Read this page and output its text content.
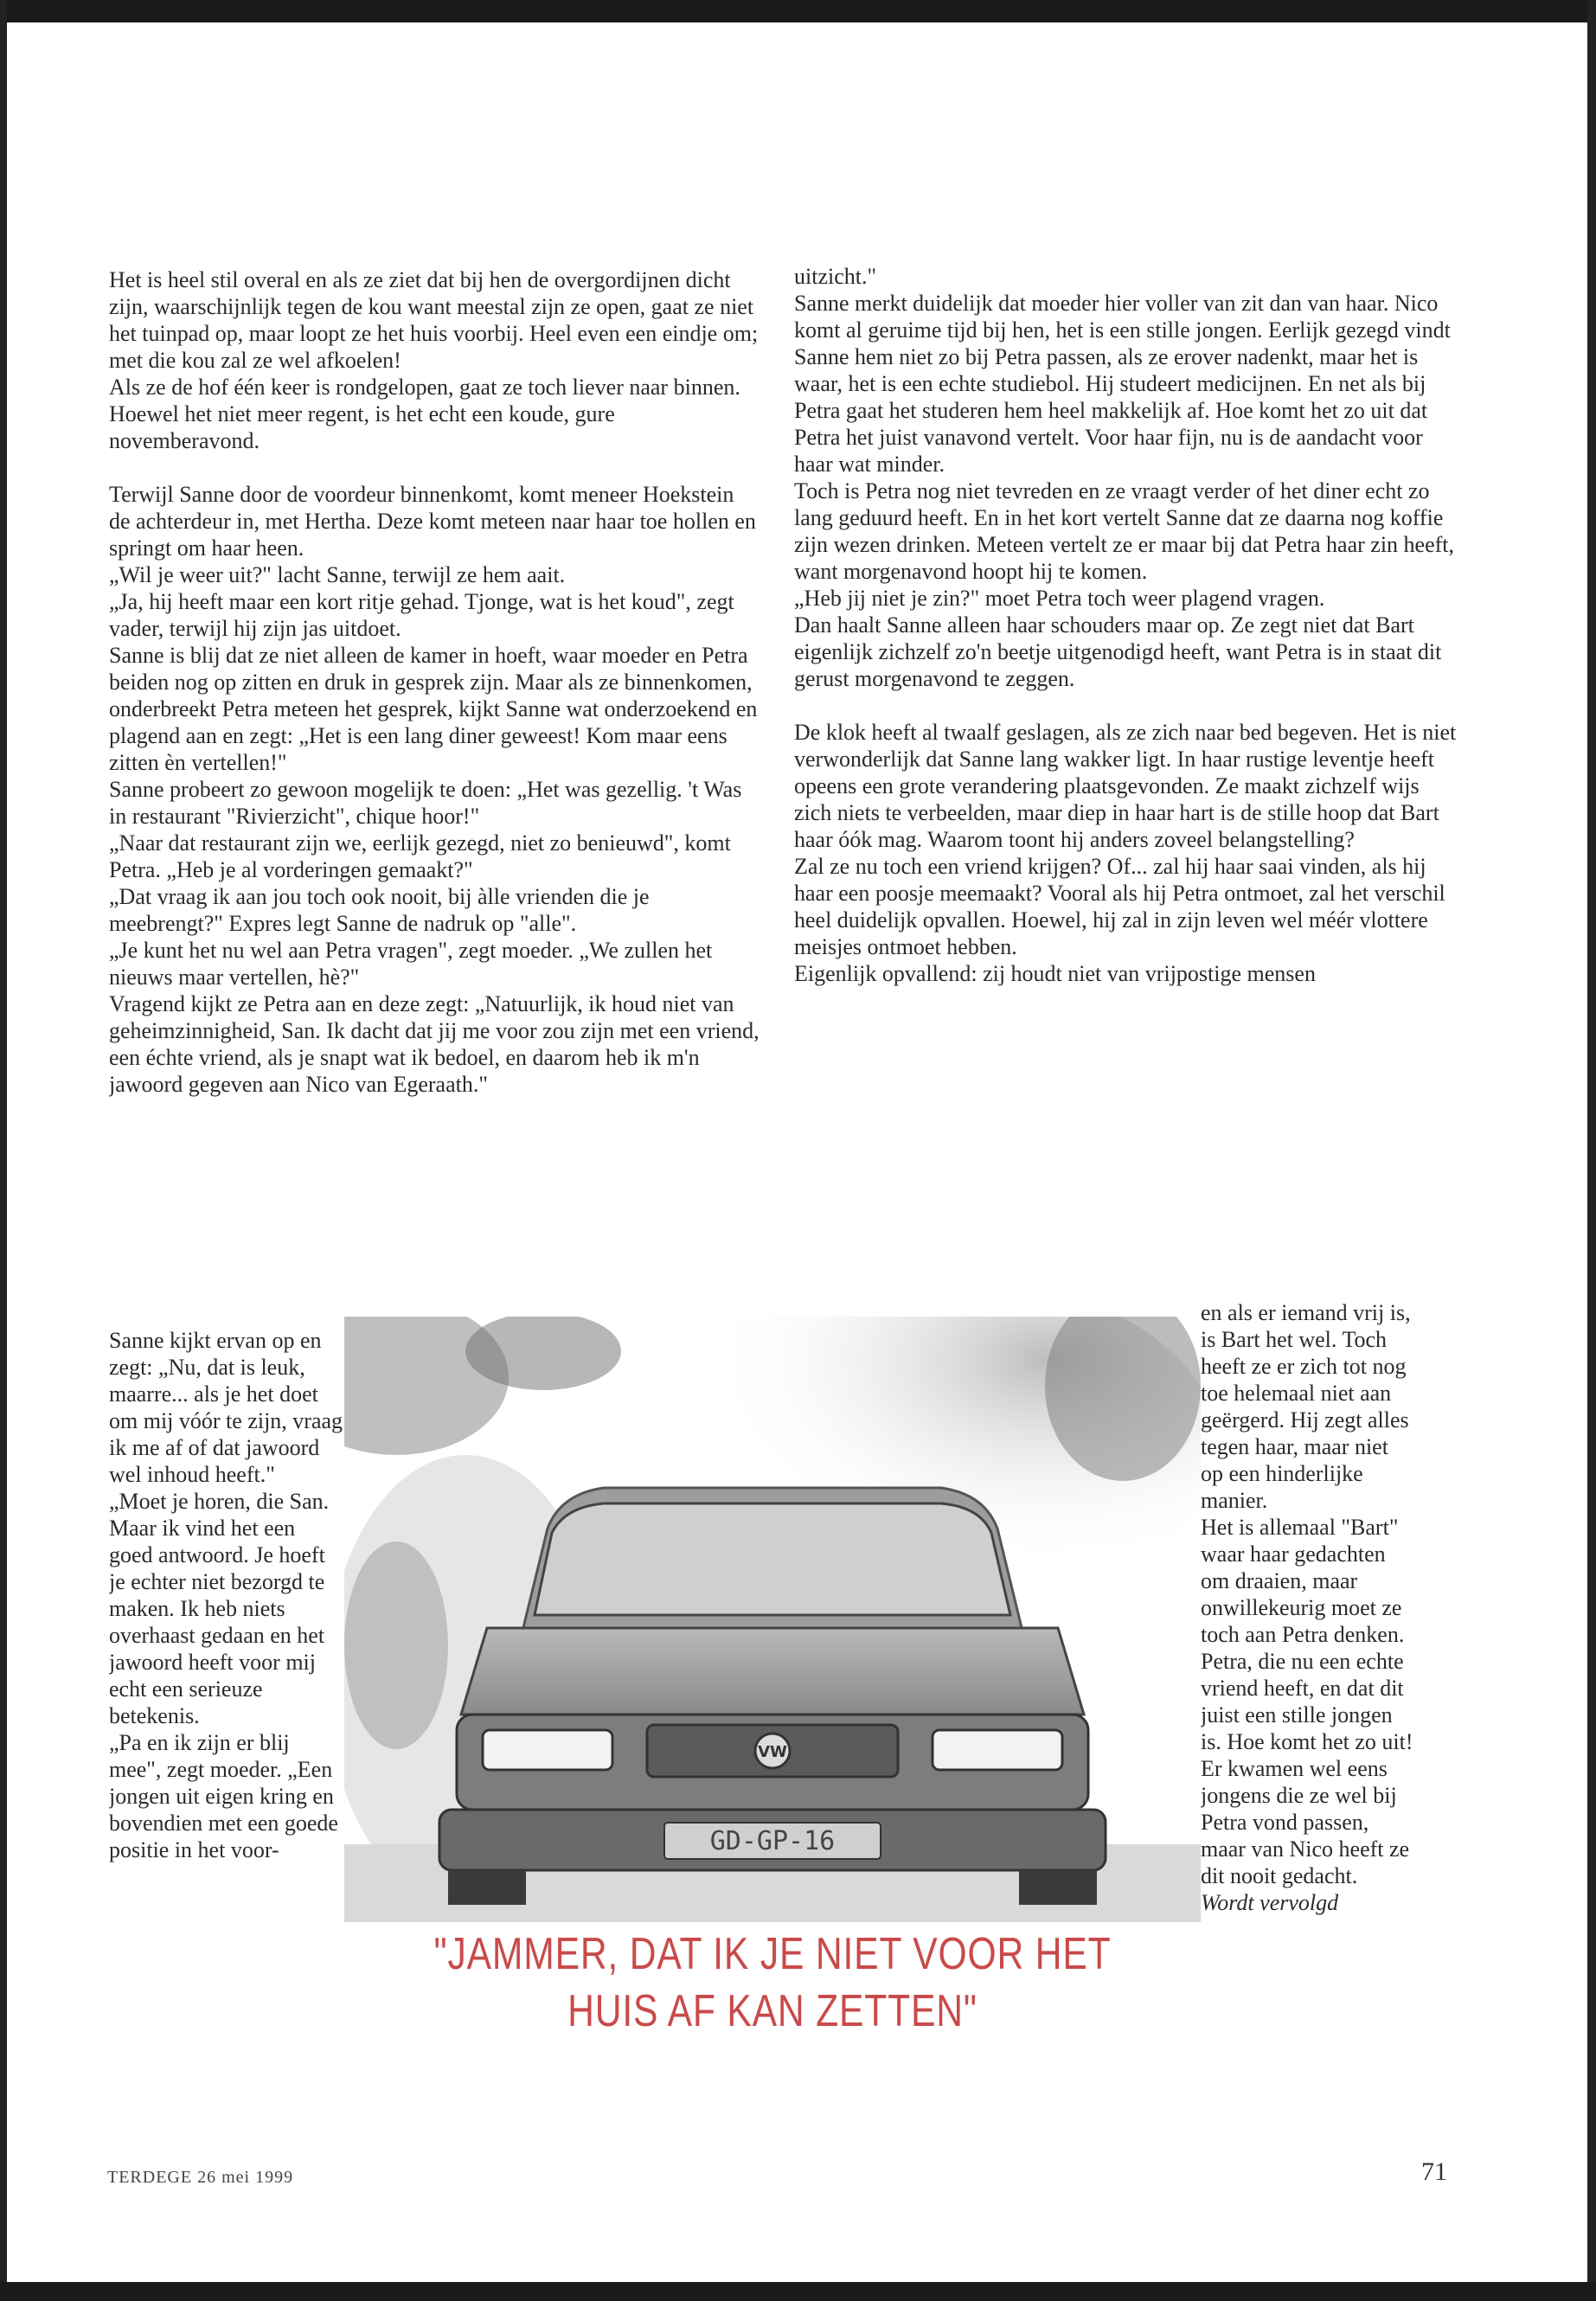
Het is heel stil overal en als ze ziet dat bij hen de overgordijnen dicht zijn, waarschijnlijk tegen de kou want meestal zijn ze open, gaat ze niet het tuinpad op, maar loopt ze het huis voorbij. Heel even een eindje om; met die kou zal ze wel afkoelen!

Als ze de hof één keer is rondgelopen, gaat ze toch liever naar binnen. Hoewel het niet meer regent, is het echt een koude, gure novemberavond.

Terwijl Sanne door de voordeur binnenkomt, komt meneer Hoekstein de achterdeur in, met Hertha. Deze komt meteen naar haar toe hollen en springt om haar heen.

„Wil je weer uit?" lacht Sanne, terwijl ze hem aait.

„Ja, hij heeft maar een kort ritje gehad. Tjonge, wat is het koud", zegt vader, terwijl hij zijn jas uitdoet.

Sanne is blij dat ze niet alleen de kamer in hoeft, waar moeder en Petra beiden nog op zitten en druk in gesprek zijn. Maar als ze binnenkomen, onderbreekt Petra meteen het gesprek, kijkt Sanne wat onderzoekend en plagend aan en zegt: „Het is een lang diner geweest! Kom maar eens zitten èn vertellen!"

Sanne probeert zo gewoon mogelijk te doen: „Het was gezellig. 't Was in restaurant "Rivierzicht", chique hoor!"

„Naar dat restaurant zijn we, eerlijk gezegd, niet zo benieuwd", komt Petra. „Heb je al vorderingen gemaakt?"

„Dat vraag ik aan jou toch ook nooit, bij àlle vrienden die je meebrengt?" Expres legt Sanne de nadruk op "alle".

„Je kunt het nu wel aan Petra vragen", zegt moeder. „We zullen het nieuws maar vertellen, hè?"

Vragend kijkt ze Petra aan en deze zegt: „Natuurlijk, ik houd niet van geheimzinnigheid, San. Ik dacht dat jij me voor zou zijn met een vriend, een échte vriend, als je snapt wat ik bedoel, en daarom heb ik m'n jawoord gegeven aan Nico van Egeraath."

Sanne kijkt ervan op en zegt: „Nu, dat is leuk, maarre... als je het doet om mij vóór te zijn, vraag ik me af of dat jawoord wel inhoud heeft."

„Moet je horen, die San. Maar ik vind het een goed antwoord. Je hoeft je echter niet bezorgd te maken. Ik heb niets overhaast gedaan en het jawoord heeft voor mij echt een serieuze betekenis.

„Pa en ik zijn er blij mee", zegt moeder. „Een jongen uit eigen kring en bovendien met een goede positie in het voor-

uitzicht."

Sanne merkt duidelijk dat moeder hier voller van zit dan van haar. Nico komt al geruime tijd bij hen, het is een stille jongen. Eerlijk gezegd vindt Sanne hem niet zo bij Petra passen, als ze erover nadenkt, maar het is waar, het is een echte studiebol. Hij studeert medicijnen. En net als bij Petra gaat het studeren hem heel makkelijk af. Hoe komt het zo uit dat Petra het juist vanavond vertelt. Voor haar fijn, nu is de aandacht voor haar wat minder.

Toch is Petra nog niet tevreden en ze vraagt verder of het diner echt zo lang geduurd heeft. En in het kort vertelt Sanne dat ze daarna nog koffie zijn wezen drinken. Meteen vertelt ze er maar bij dat Petra haar zin heeft, want morgenavond hoopt hij te komen.

„Heb jij niet je zin?" moet Petra toch weer plagend vragen.

Dan haalt Sanne alleen haar schouders maar op. Ze zegt niet dat Bart eigenlijk zichzelf zo'n beetje uitgenodigd heeft, want Petra is in staat dit gerust morgenavond te zeggen.

De klok heeft al twaalf geslagen, als ze zich naar bed begeven. Het is niet verwonderlijk dat Sanne lang wakker ligt. In haar rustige leventje heeft opeens een grote verandering plaatsgevonden. Ze maakt zichzelf wijs zich niets te verbeelden, maar diep in haar hart is de stille hoop dat Bart haar óók mag. Waarom toont hij anders zoveel belangstelling?

Zal ze nu toch een vriend krijgen? Of... zal hij haar saai vinden, als hij haar een poosje meemaakt? Vooral als hij Petra ontmoet, zal het verschil heel duidelijk opvallen. Hoewel, hij zal in zijn leven wel méér vlottere meisjes ontmoet hebben.

Eigenlijk opvallend: zij houdt niet van vrijpostige mensen

en als er iemand vrij is, is Bart het wel. Toch heeft ze er zich tot nog toe helemaal niet aan geërgerd. Hij zegt alles tegen haar, maar niet op een hinderlijke manier.

Het is allemaal "Bart" waar haar gedachten om draaien, maar onwillekeurig moet ze toch aan Petra denken. Petra, die nu een echte vriend heeft, en dat dit juist een stille jongen is. Hoe komt het zo uit! Er kwamen wel eens jongens die ze wel bij Petra vond passen, maar van Nico heeft ze dit nooit gedacht.

Wordt vervolgd

VW
GD-GP-16
"JAMMER, DAT IK JE NIET VOOR HET
HUIS AF KAN ZETTEN"
TERDEGE 26 mei 1999	71
